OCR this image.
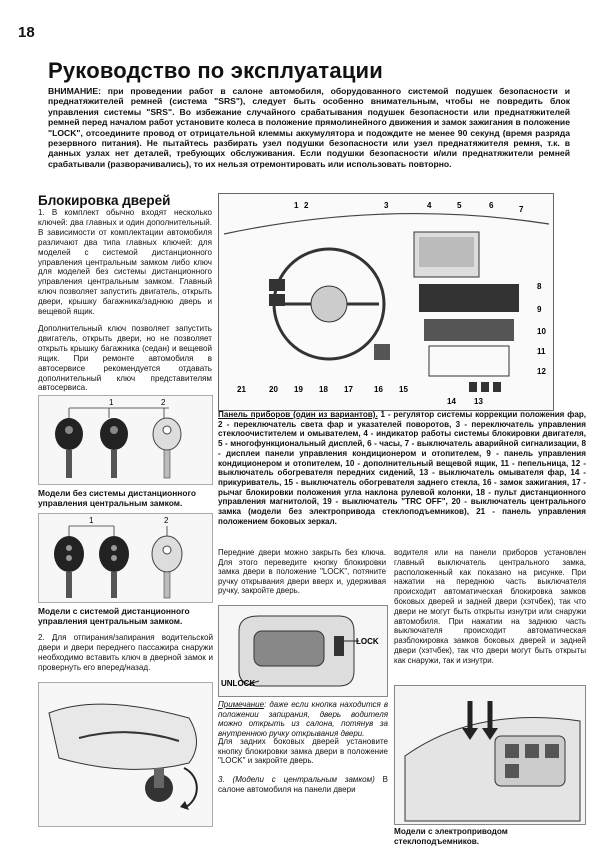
18
Руководство по эксплуатации
ВНИМАНИЕ: при проведении работ в салоне автомобиля, оборудованного системой подушек безопасности и преднатяжителей ремней (система "SRS"), следует быть особенно внимательным, чтобы не повредить блок управления системы "SRS". Во избежание случайного срабатывания подушек безопасности или преднатяжителей ремней перед началом работ установите колеса в положение прямолинейного движения и замок зажигания в положение "LOCK", отсоедините провод от отрицательной клеммы аккумулятора и подождите не менее 90 секунд (время разряда резервного питания). Не пытайтесь разбирать узел подушки безопасности или узел преднатяжителя ремня, т.к. в данных узлах нет деталей, требующих обслуживания. Если подушки безопасности и/или преднатяжители ремней срабатывали (разворачивались), то их нельзя отремонтировать или использовать повторно.
Блокировка дверей
1. В комплект обычно входят несколько ключей: два главных и один дополнительный. В зависимости от комплектации автомобиля различают два типа главных ключей: для моделей с системой дистанционного управления центральным замком либо ключ для моделей без системы дистанционного управления центральным замком. Главный ключ позволяет запустить двигатель, открыть двери, крышку багажника/заднюю дверь и вещевой ящик.
Дополнительный ключ позволяет запустить двигатель, открыть двери, но не позволяет открыть крышку багажника (седан) и вещевой ящик. При ремонте автомобиля в автосервисе рекомендуется отдавать дополнительный ключ представителям автосервиса.
1	2
Модели без системы дистанционного управления центральным замком.
1	2
Модели с системой дистанционного управления центральным замком.
2. Для отпирания/запирания водительской двери и двери переднего пассажира снаружи необходимо вставить ключ в дверной замок и провернуть его вперед/назад.
1 2	3	4	5	6	7
8
9
10
11
12
21	20 19 18 17	16 15
14 13
Панель приборов (один из вариантов). 1 - регулятор системы коррекции положения фар, 2 - переключатель света фар и указателей поворотов, 3 - переключатель управления стеклоочистителем и омывателем, 4 - индикатор работы системы блокировки двигателя, 5 - многофункциональный дисплей, 6 - часы, 7 - выключатель аварийной сигнализации, 8 - дисплеи панели управления кондиционером и отопителем, 9 - панель управления кондиционером и отопителем, 10 - дополнительный вещевой ящик, 11 - пепельница, 12 - выключатель обогревателя передних сидений, 13 - выключатель омывателя фар, 14 - прикуриватель, 15 - выключатель обогревателя заднего стекла, 16 - замок зажигания, 17 - рычаг блокировки положения угла наклона рулевой колонки, 18 - пульт дистанционного управления магнитолой, 19 - выключатель "TRC OFF", 20 - выключатель центрального замка (модели без электропривода стеклоподъемников), 21 - панель управления положением боковых зеркал.
Передние двери можно закрыть без ключа. Для этого переведите кнопку блокировки замка двери в положение "LOCK", потяните ручку открывания двери вверх и, удерживая ручку, закройте дверь.
LOCK
UNLOCK
Примечание: даже если кнопка находится в положении запирания, дверь водителя можно открыть из салона, потянув за внутреннюю ручку открывания двери.
Для задних боковых дверей установите кнопку блокировки замка двери в положение "LOCK" и закройте дверь.
3. (Модели с центральным замком) В салоне автомобиля на панели двери
водителя или на панели приборов установлен главный выключатель центрального замка, расположенный как показано на рисунке. При нажатии на переднюю часть выключателя происходит автоматическая блокировка замков боковых дверей и задней двери (хэтчбек), так что двери не могут быть открыты изнутри или снаружи автомобиля. При нажатии на заднюю часть выключателя происходит автоматическая разблокировка замков боковых дверей и задней двери (хэтчбек), так что двери могут быть открыты как снаружи, так и изнутри.
Модели с электроприводом стеклоподъемников.
